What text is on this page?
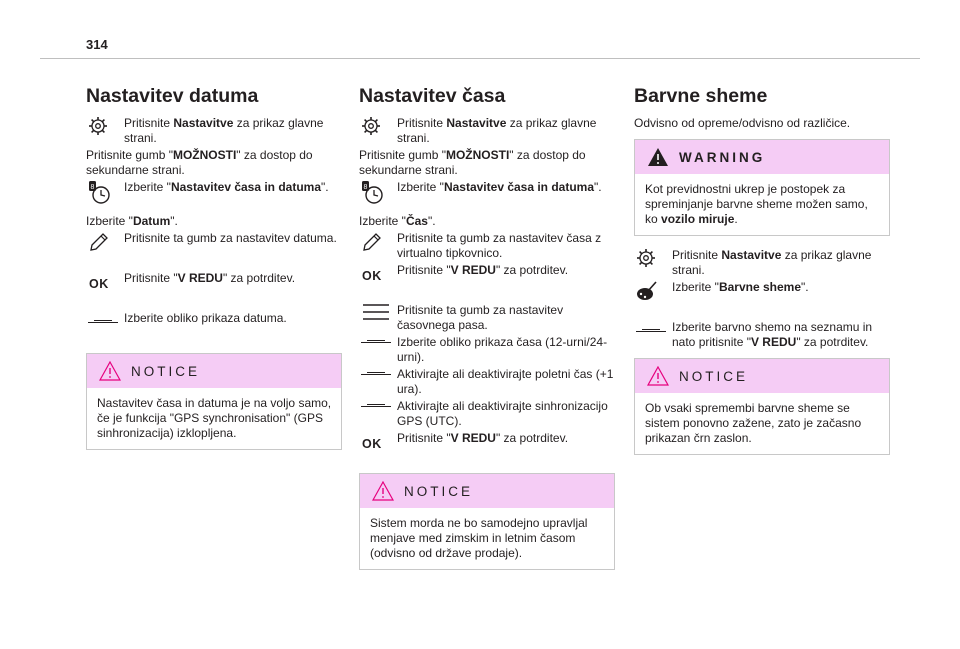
314
Nastavitev datuma
Pritisnite Nastavitve za prikaz glavne strani.

Pritisnite gumb "MOŽNOSTI" za dostop do sekundarne strani.

8 Izberite "Nastavitev časa in datuma".

Izberite "Datum".

Pritisnite ta gumb za nastavitev datuma.
OK Pritisnite "V REDU" za potrditev.
Izberite obliko prikaza datuma.
NOTICE
Nastavitev časa in datuma je na voljo samo, če je funkcija "GPS synchronisation" (GPS sinhronizacija) izklopljena.
Nastavitev časa
Pritisnite Nastavitve za prikaz glavne strani.

Pritisnite gumb "MOŽNOSTI" za dostop do sekundarne strani.

8 Izberite "Nastavitev časa in datuma".

Izberite "Čas".

Pritisnite ta gumb za nastavitev časa z virtualno tipkovnico.
OK Pritisnite "V REDU" za potrditev.
Pritisnite ta gumb za nastavitev časovnega pasa.
Izberite obliko prikaza časa (12-urni/24-urni).
Aktivirajte ali deaktivirajte poletni čas (+1 ura).
Aktivirajte ali deaktivirajte sinhronizacijo GPS (UTC).
OK Pritisnite "V REDU" za potrditev.
NOTICE
Sistem morda ne bo samodejno upravljal menjave med zimskim in letnim časom (odvisno od države prodaje).
Barvne sheme

Odvisno od opreme/odvisno od različice.

WARNING
Kot previdnostni ukrep je postopek za spreminjanje barvne sheme možen samo, ko vozilo miruje.
Pritisnite Nastavitve za prikaz glavne strani.
Izberite "Barvne sheme".
Izberite barvno shemo na seznamu in nato pritisnite "V REDU" za potrditev.
NOTICE
Ob vsaki spremembi barvne sheme se sistem ponovno zažene, zato je začasno prikazan črn zaslon.
